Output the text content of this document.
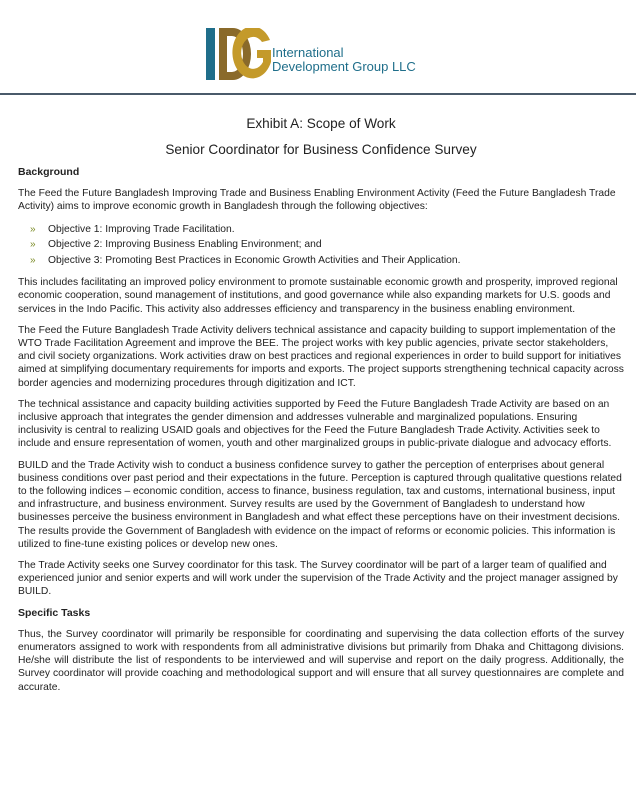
International
Development Group LLC
Exhibit A: Scope of Work
Senior Coordinator for Business Confidence Survey
Background

The Feed the Future Bangladesh Improving Trade and Business Enabling Environment Activity (Feed the Future Bangladesh Trade Activity) aims to improve economic growth in Bangladesh through the following objectives:

» Objective 1: Improving Trade Facilitation.
» Objective 2: Improving Business Enabling Environment; and
» Objective 3: Promoting Best Practices in Economic Growth Activities and Their Application.

This includes facilitating an improved policy environment to promote sustainable economic growth and prosperity, improved regional economic cooperation, sound management of institutions, and good governance while also expanding markets for U.S. goods and services in the Indo Pacific. This activity also addresses efficiency and transparency in the business enabling environment.

The Feed the Future Bangladesh Trade Activity delivers technical assistance and capacity building to support implementation of the WTO Trade Facilitation Agreement and improve the BEE. The project works with key public agencies, private sector stakeholders, and civil society organizations. Work activities draw on best practices and regional experiences in order to build support for initiatives aimed at simplifying documentary requirements for imports and exports. The project supports strengthening technical capacity across border agencies and modernizing procedures through digitization and ICT.

The technical assistance and capacity building activities supported by Feed the Future Bangladesh Trade Activity are based on an inclusive approach that integrates the gender dimension and addresses vulnerable and marginalized populations. Ensuring inclusivity is central to realizing USAID goals and objectives for the Feed the Future Bangladesh Trade Activity. Activities seek to include and ensure representation of women, youth and other marginalized groups in public-private dialogue and advocacy efforts.

BUILD and the Trade Activity wish to conduct a business confidence survey to gather the perception of enterprises about general business conditions over past period and their expectations in the future. Perception is captured through qualitative questions related to the following indices – economic condition, access to finance, business regulation, tax and customs, international business, input and infrastructure, and business environment. Survey results are used by the Government of Bangladesh to understand how businesses perceive the business environment in Bangladesh and what effect these perceptions have on their investment decisions. The results provide the Government of Bangladesh with evidence on the impact of reforms or economic policies. This information is utilized to fine-tune existing polices or develop new ones.

The Trade Activity seeks one Survey coordinator for this task. The Survey coordinator will be part of a larger team of qualified and experienced junior and senior experts and will work under the supervision of the Trade Activity and the project manager assigned by BUILD.

Specific Tasks

Thus, the Survey coordinator will primarily be responsible for coordinating and supervising the data collection efforts of the survey enumerators assigned to work with respondents from all administrative divisions but primarily from Dhaka and Chittagong divisions. He/she will distribute the list of respondents to be interviewed and will supervise and report on the daily progress. Additionally, the Survey coordinator will provide coaching and methodological support and will ensure that all survey questionnaires are complete and accurate.
